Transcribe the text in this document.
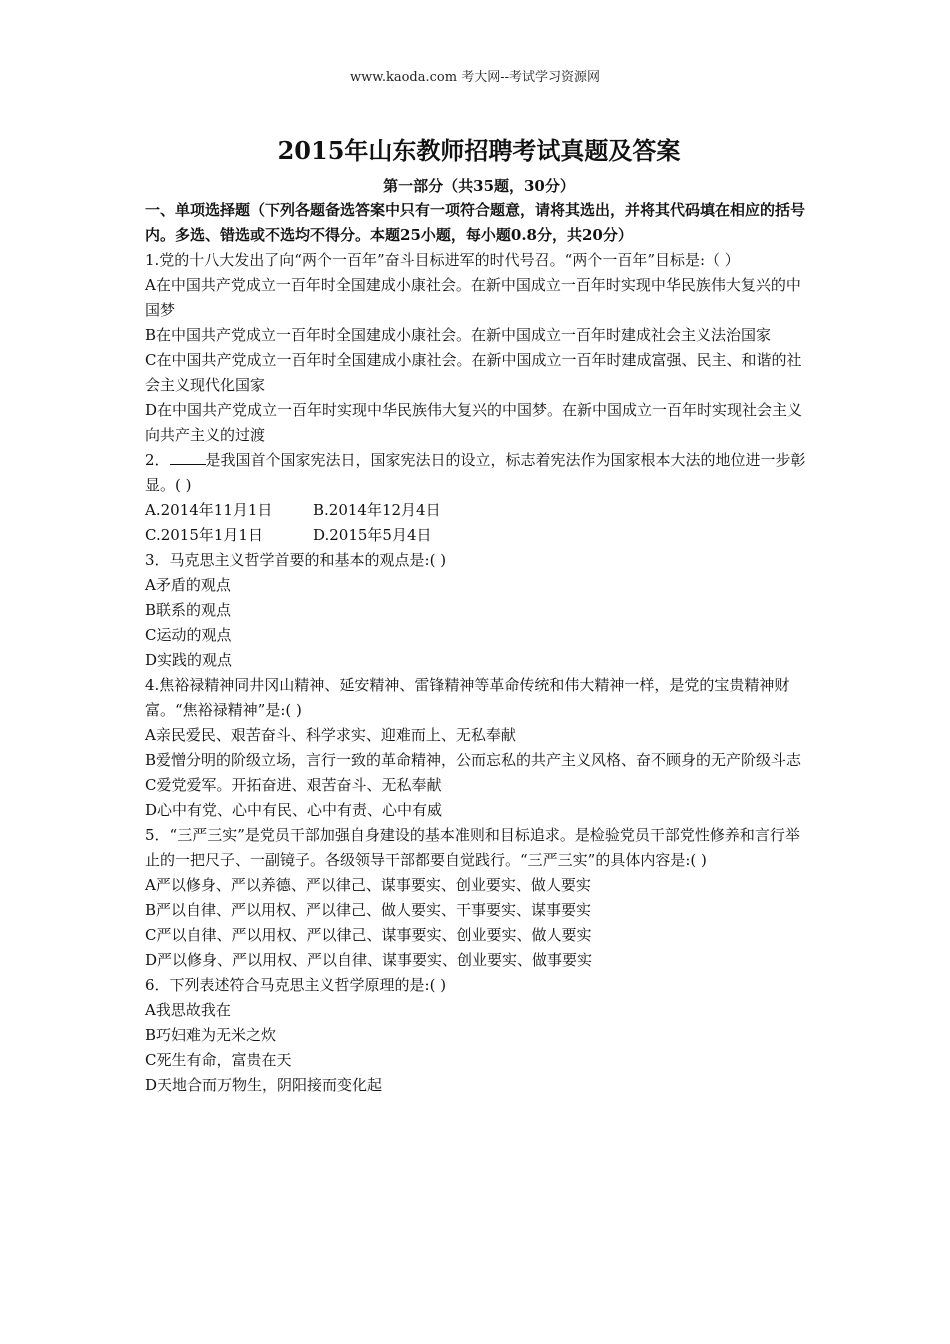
www.kaoda.com 考大网--考试学习资源网
2015年山东教师招聘考试真题及答案

第一部分（共35题，30分）

一、单项选择题（下列各题备选答案中只有一项符合题意，请将其选出，并将其代码填在相应的括号内。多选、错选或不选均不得分。本题25小题，每小题0.8分，共20分）

1.党的十八大发出了向“两个一百年”奋斗目标进军的时代号召。“两个一百年”目标是:（ ）

A在中国共产党成立一百年时全国建成小康社会。在新中国成立一百年时实现中华民族伟大复兴的中国梦

B在中国共产党成立一百年时全国建成小康社会。在新中国成立一百年时建成社会主义法治国家

C在中国共产党成立一百年时全国建成小康社会。在新中国成立一百年时建成富强、民主、和谐的社会主义现代化国家

D在中国共产党成立一百年时实现中华民族伟大复兴的中国梦。在新中国成立一百年时实现社会主义向共产主义的过渡

2． 是我国首个国家宪法日，国家宪法日的设立，标志着宪法作为国家根本大法的地位进一步彰显。( )

A.2014年11月1日	B.2014年12月4日
C.2015年1月1日	D.2015年5月4日

3．马克思主义哲学首要的和基本的观点是:( )

A矛盾的观点

B联系的观点

C运动的观点

D实践的观点

4.焦裕禄精神同井冈山精神、延安精神、雷锋精神等革命传统和伟大精神一样，是党的宝贵精神财富。“焦裕禄精神”是:( )

A亲民爱民、艰苦奋斗、科学求实、迎难而上、无私奉献

B爱憎分明的阶级立场，言行一致的革命精神，公而忘私的共产主义风格、奋不顾身的无产阶级斗志

C爱党爱军。开拓奋进、艰苦奋斗、无私奉献

D心中有党、心中有民、心中有责、心中有威

5．“三严三实”是党员干部加强自身建设的基本准则和目标追求。是检验党员干部党性修养和言行举止的一把尺子、一副镜子。各级领导干部都要自觉践行。“三严三实”的具体内容是:( )

A严以修身、严以养德、严以律己、谋事要实、创业要实、做人要实

B严以自律、严以用权、严以律己、做人要实、干事要实、谋事要实

C严以自律、严以用权、严以律己、谋事要实、创业要实、做人要实

D严以修身、严以用权、严以自律、谋事要实、创业要实、做事要实

6．下列表述符合马克思主义哲学原理的是:( )

A我思故我在

B巧妇难为无米之炊

C死生有命，富贵在天

D天地合而万物生，阴阳接而变化起
